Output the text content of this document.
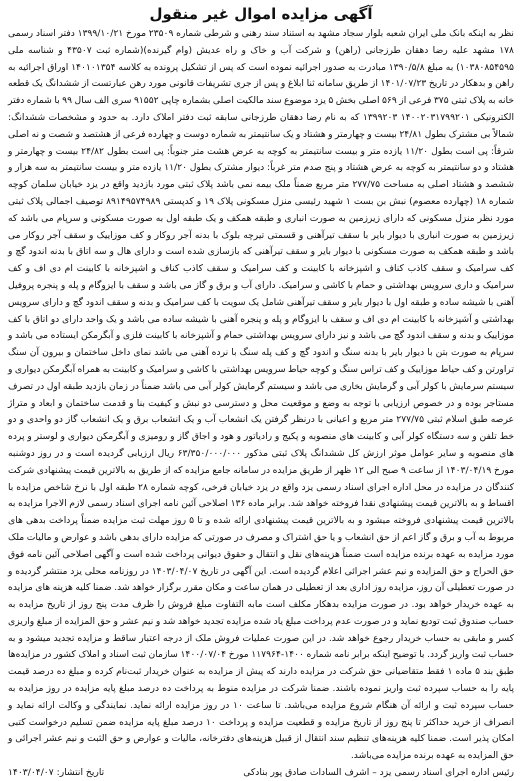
آگهی مزایده اموال غیر منقول

نظر به اینکه بانک ملی ایران شعبه بلوار سجاد مشهد به استناد سند رهنی و شرطی شماره ۲۳۵۰۹ مورخ ۱۳۹۹/۱۰/۲۱ دفتر اسناد رسمی ۱۷۸ مشهد علیه رضا دهقان طرزجانی (راهن) و شرکت آب و خاک و راه عدیش (وام گیرنده)(شماره ثبت ۴۳۵۰۷ و شناسه ملی ۱۰۳۸۰۸۵۴۵۹۵) به مبلغ ۱۳۹۰/۵/۸ مبادرت به صدور اجرائیه نموده است که پس از تشکیل پرونده به کلاسه ۱۴۰۱۰۱۳۵۴ اوراق اجرائیه به راهن و بدهکار در تاریخ ۱۴۰۱/۰۷/۲۳ از طریق سامانه ثنا ابلاغ و پس از جری تشریفات قانونی مورد رهن عبارتست از ششدانگ یک قطعه خانه به پلاک ثبتی ۳۷۵ فرعی از ۵۶۹ اصلی بخش ۵ یزد موضوع سند مالکیت اصلی بشماره چاپی ۹۱۵۵۲ سری الف سال ۹۹ با شماره دفتر الکترونیکی ۱۴۰۰۲۰۳۱۷۹۹۲۰۱ ۱۳۹۹۲۰۳ که به نام رضا دهقان طرزجانی سابقه ثبت دفتر املاک دارد. به حدود و مشخصات ششدانگ: شمالاً بی مشترک بطول ۲۴/۸۱ بیست و چهارمتر و هشتاد و یک سانتیمتر به شماره دوست و چهارده فرعی از هشتصد و شصت و نه اصلی شرقاً: پی است بطول ۱۱/۲۰ یازده متر و بیست سانتیمتر به کوچه به عرض هشت متر جنوباً: پی است بطول ۲۴/۸۲ بیست و چهارمتر و هشتاد و دو سانتیمتر به کوچه به عرض هشتاد و پنج صدم متر غرباً: دیوار مشترک بطول ۱۱/۲۰ یازده متر و بیست سانتیمتر به سه هزار و ششصد و هشتاد اصلی به مساحت ۲۷۷/۷۵ متر مربع ضمناً ملک بیمه نمی باشد پلاک ثبتی مورد بازدید واقع در یزد خیابان سلمان کوچه شماره ۱۸ (چهارده معصوم) نبش بن بست ۱ شهید رئیسی منزل مسکونی پلاک ۱۹ و کدپستی ۸۹۱۴۹۵۷۴۹۸۹ توصیف اجمالی پلاک ثبتی مورد نظر منزل مسکونی که دارای زیرزمین به صورت انباری و طبقه همکف و یک طبقه اول به صورت مسکونی و سرپام می باشد که زیرزمین به صورت انباری با دیوار بایر با سقف تیرآهنی و قسمتی تیرچه بلوک با بدنه آجر روکار و کف موزاییک و سقف آجر روکار می باشد و طبقه همکف به صورت مسکونی با دیوار بایر و سقف تیرآهنی که بازسازی شده است و دارای هال و سه اتاق با بدنه اندود گچ و کف سرامیک و سقف کاذب کناف و اشپزخانه با کابینت و کف سرامیک و سقف کاذب کناف و اشپزخانه با کابینت ام دی اف و کف سرامیک و داری سرویس بهداشتی و حمام با کاشی و سرامیک. دارای آب و برق و گاز می باشد و سقف با ایزوگام و پله و پنجره پروفیل آهنی با شیشه ساده و طبقه اول با دیوار بایر و سقف تیرآهنی شامل یک سویت با کف سرامیک و بدنه و سقف اندود گچ و دارای سرویس بهداشتی و آشپزخانه با کابینت ام دی اف و سقف با ایزوگام و پله و پنجره آهنی با شیشه ساده می باشد و یک واحد دارای دو اتاق با کف موزاییک و بدنه و سقف اندود گچ می باشد و نیز دارای سرویس بهداشتی حمام و آشپزخانه با کابینت فلزی و آبگرمکن ایستاده می باشد و سرپام به صورت بتن با دیوار بایر با بدنه سنگ و اندود گچ و کف پله سنگ با نرده آهنی می باشد نمای داخل ساختمان و بیرون آن سنگ تراورتن و کف حیاط موزاییک و کف تراس سنگ و کوچه حیاط سرویس بهداشتی با کاشی و سرامیک و کابینت به همراه آبگرمکن دیواری و سیستم سرمایش با کولر آبی و گرمایش بخاری می باشد و سیستم گرمایش کولر آبی می باشد ضمناً در زمان بازدید طبقه اول در تصرف مستاجر بوده و در خصوص ارزیابی با توجه به وضع و موقعیت محل و دسترسی دو نبش و کیفیت بنا و قدمت ساختمان و ابعاد و متراژ عرصه طبق اسلام ثبتی ۲۷۷/۷۵ متر مربع و اعیانی با درنظر گرفتن یک انشعاب آب و یک انشعاب برق و یک انشعاب گاز دو واحدی و دو خط تلفن و سه دستگاه کولر آبی و کابینت های منصوبه و پکیج و رادیاتور و هود و اجاق گاز و رومیزی و آبگرمکن دیواری و لوستر و پرده های منصوبه و سایر عوامل موثر ارزش کل ششدانگ پلاک ثبتی مذکور ۶۳/۳۵۰/۰۰۰/۰۰۰ ریال ارزیابی گردیده است و در روز دوشنبه مورخ ۱۴۰۳/۰۴/۱۹ از ساعت ۹ صبح الی ۱۲ ظهر از طریق مزایده در سامانه جامع مزایده که از طریق به بالاترین قیمت پیشنهادی شرکت کنندگان در مزایده در محل اداره اجرای اسناد رسمی یزد واقع در یزد خیابان فرخی، کوچه شماره ۲۸ طبقه اول با نرخ شاخص مزایده با اقساط و به بالاترین قیمت پیشنهادی نقدا فروخته خواهد شد. برابر ماده ۱۳۶ اصلاحی آئین نامه اجرای اسناد رسمی لازم الاجرا مزایده به بالاترین قیمت پیشنهادی فروخته میشود و به بالاترین قیمت پیشنهادی ارائه شده و تا ۵ روز مهلت ثبت مزایده ضمناً پرداخت بدهی های مربوط به آب و برق و گاز اعم از حق انشعاب و یا حق اشتراک و مصرف در صورتی که مزایده دارای بدهی باشد و عوارض و مالیات ملک مورد مزایده به عهده برنده مزایده است ضمناً هزینه‌های نقل و انتقال و حقوق دیوانی پرداخت شده است و آگهی اصلاحی آئین نامه فوق حق الحراج و حق المزایده و نیم عشر اجرائی اعلام گردیده است. این آگهی در تاریخ ۱۴۰۳/۰۴/۰۷ در روزنامه محلی یزد منتشر گردیده و در صورت تعطیلی آن روز، مزایده روز اداری بعد از تعطیلی در همان ساعت و مکان مقرر برگزار خواهد شد. ضمنا کلیه هزینه های مزایده به عهده خریدار خواهد بود. در صورت مزایده بدهکار مکلف است مابه التفاوت مبلغ فروش را ظرف مدت پنج روز از تاریخ مزایده به حساب صندوق ثبت تودیع نماید و در صورت عدم پرداخت مبلغ یاد شده مزایده تجدید خواهد شد و نیم عشر و حق المزایده از مبلغ واریزی کسر و مابقی به حساب خریدار رجوع خواهد شد. در این صورت عملیات فروش ملک از درجه اعتبار ساقط و مزایده تجدید میشود و به حساب ثبت واریز گردد. با توضیح اینکه برابر نامه شماره ۱۴۰۰-۱۱۷۹۶۴ مورخ ۱۴۰۰/۰۷/۰۴ سازمان ثبت اسناد و املاک کشور در مزایده‌ها طبق بند ۵ ماده ۱ فقط متقاضیانی حق شرکت در مزایده دارند که پیش از مزایده به عنوان خریدار ثبت‌نام کرده و مبلغ ده درصد قیمت پایه را به حساب سپرده ثبت واریز نموده باشند. ضمنا شرکت در مزایده منوط به پرداخت ده درصد مبلغ پایه مزایده در روز مزایده به حساب سپرده ثبت و ارائه آن هنگام شروع مزایده می‌باشد. تا ساعت ۱۰ در روز مزایده ارائه نماید. نمایندگی و وکالت ارائه نماید و انصراف از خرید حداکثر تا پنج روز از تاریخ مزایده و قطعیت مزایده و پرداخت ۱۰ درصد مبلغ پایه مزایده ضمن تسلیم درخواست کتبی امکان پذیر است. ضمنا کلیه هزینه‌های تنظیم سند انتقال از قبیل هزینه‌های دفترخانه، مالیات و عوارض و حق الثبت و نیم عشر اجرائی و حق المزایده به عهده برنده مزایده می‌باشد.

رئیس اداره اجرای اسناد رسمی یزد – اشرف السادات صادق پور بنادکی
تاریخ انتشار: ۱۴۰۳/۰۴/۰۷
